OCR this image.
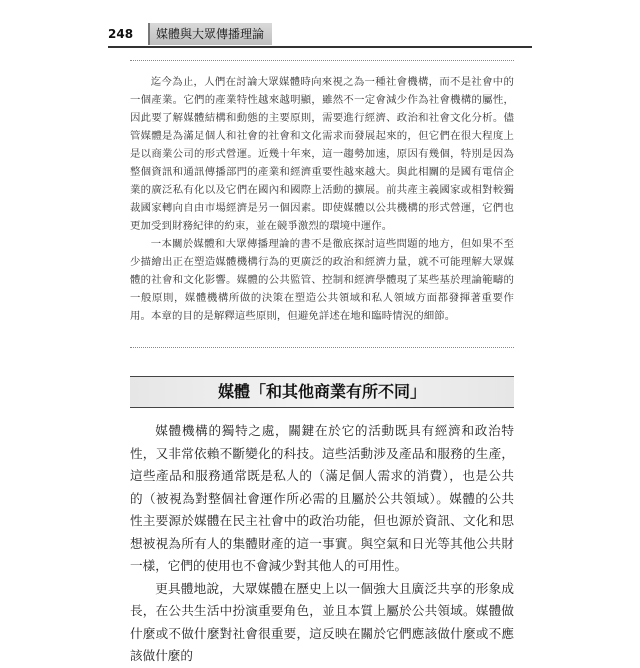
248	媒體與大眾傳播理論

迄今為止，人們在討論大眾媒體時向來視之為一種社會機構，而不是社會中的一個產業。它們的產業特性越來越明顯，雖然不一定會減少作為社會機構的屬性，因此要了解媒體結構和動態的主要原則，需要進行經濟、政治和社會文化分析。儘管媒體是為滿足個人和社會的社會和文化需求而發展起來的，但它們在很大程度上是以商業公司的形式營運。近幾十年來，這一趨勢加速，原因有幾個，特別是因為整個資訊和通訊傳播部門的產業和經濟重要性越來越大。與此相關的是國有電信企業的廣泛私有化以及它們在國內和國際上活動的擴展。前共產主義國家或相對較獨裁國家轉向自由市場經濟是另一個因素。即使媒體以公共機構的形式營運，它們也更加受到財務紀律的約束，並在競爭激烈的環境中運作。

一本關於媒體和大眾傳播理論的書不是徹底探討這些問題的地方，但如果不至少描繪出正在塑造媒體機構行為的更廣泛的政治和經濟力量，就不可能理解大眾媒體的社會和文化影響。媒體的公共監管、控制和經濟學體現了某些基於理論範疇的一般原則，媒體機構所做的決策在塑造公共領域和私人領域方面都發揮著重要作用。本章的目的是解釋這些原則，但避免詳述在地和臨時情況的細節。

媒體「和其他商業有所不同」

媒體機構的獨特之處，關鍵在於它的活動既具有經濟和政治特性，又非常依賴不斷變化的科技。這些活動涉及產品和服務的生產，這些產品和服務通常既是私人的（滿足個人需求的消費），也是公共的（被視為對整個社會運作所必需的且屬於公共領域）。媒體的公共性主要源於媒體在民主社會中的政治功能，但也源於資訊、文化和思想被視為所有人的集體財產的這一事實。與空氣和日光等其他公共財一樣，它們的使用也不會減少對其他人的可用性。

更具體地說，大眾媒體在歷史上以一個強大且廣泛共享的形象成長，在公共生活中扮演重要角色，並且本質上屬於公共領域。媒體做什麼或不做什麼對社會很重要，這反映在關於它們應該做什麼或不應該做什麼的
